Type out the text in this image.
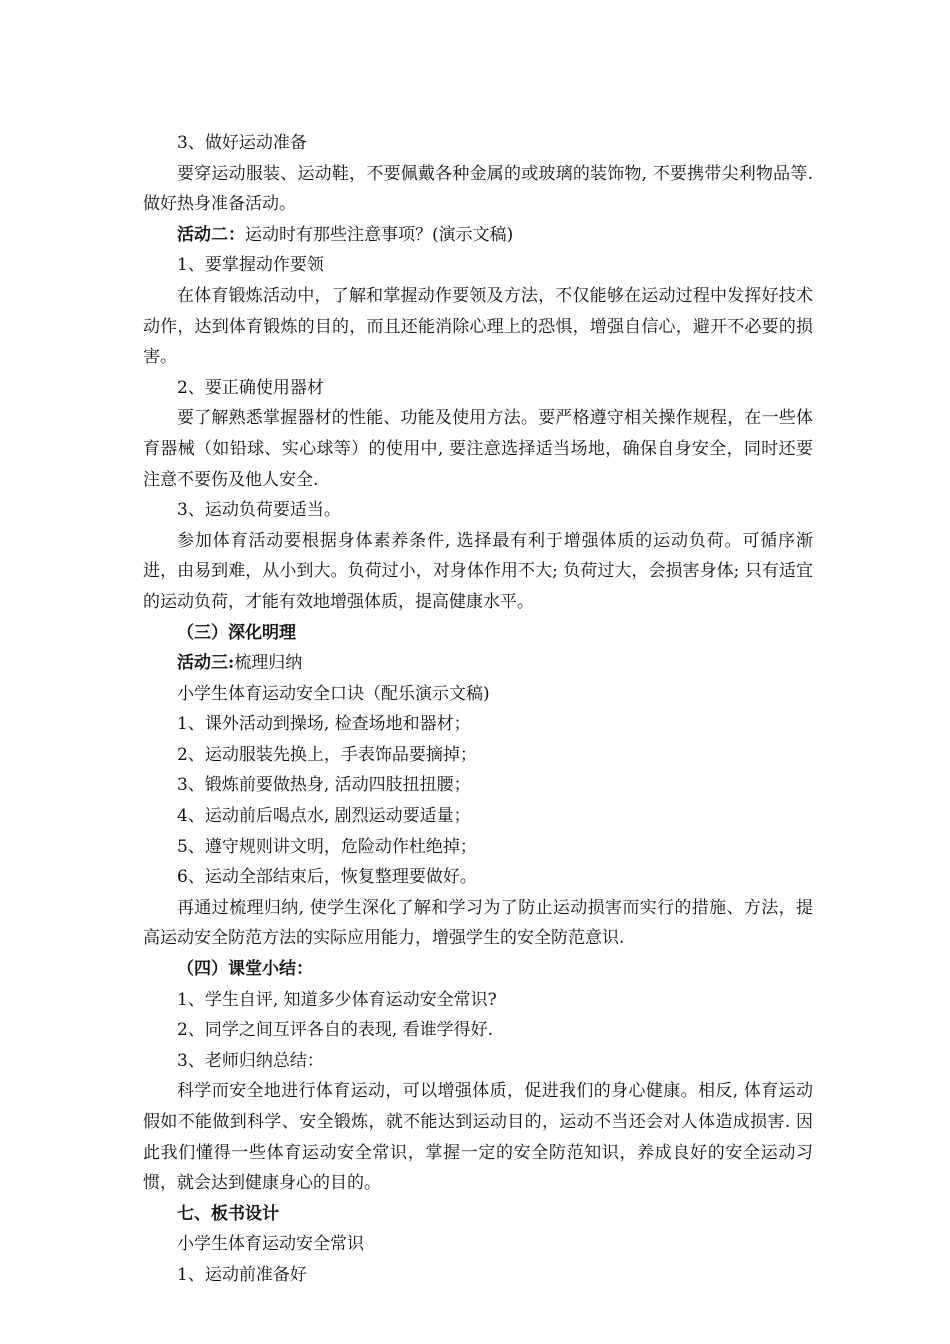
3、做好运动准备

要穿运动服装、运动鞋，不要佩戴各种金属的或玻璃的装饰物, 不要携带尖利物品等. 做好热身准备活动。

活动二：运动时有那些注意事项？(演示文稿)

1、要掌握动作要领

在体育锻炼活动中，了解和掌握动作要领及方法，不仅能够在运动过程中发挥好技术动作，达到体育锻炼的目的，而且还能消除心理上的恐惧，增强自信心，避开不必要的损害。

2、要正确使用器材

要了解熟悉掌握器材的性能、功能及使用方法。要严格遵守相关操作规程，在一些体育器械（如铅球、实心球等）的使用中, 要注意选择适当场地，确保自身安全，同时还要注意不要伤及他人安全.

3、运动负荷要适当。

参加体育活动要根据身体素养条件, 选择最有利于增强体质的运动负荷。可循序渐进，由易到难，从小到大。负荷过小，对身体作用不大; 负荷过大，会损害身体; 只有适宜的运动负荷，才能有效地增强体质，提高健康水平。

（三）深化明理

活动三:梳理归纳

小学生体育运动安全口诀（配乐演示文稿)

1、课外活动到操场, 检查场地和器材；

2、运动服装先换上，手表饰品要摘掉；

3、锻炼前要做热身, 活动四肢扭扭腰；

4、运动前后喝点水, 剧烈运动要适量；

5、遵守规则讲文明，危险动作杜绝掉；

6、运动全部结束后，恢复整理要做好。

再通过梳理归纳, 使学生深化了解和学习为了防止运动损害而实行的措施、方法，提高运动安全防范方法的实际应用能力，增强学生的安全防范意识.

（四）课堂小结：

1、学生自评, 知道多少体育运动安全常识?

2、同学之间互评各自的表现, 看谁学得好.

3、老师归纳总结：

科学而安全地进行体育运动，可以增强体质，促进我们的身心健康。相反, 体育运动假如不能做到科学、安全锻炼，就不能达到运动目的，运动不当还会对人体造成损害. 因此我们懂得一些体育运动安全常识，掌握一定的安全防范知识，养成良好的安全运动习惯，就会达到健康身心的目的。

七、板书设计

小学生体育运动安全常识

1、运动前准备好
